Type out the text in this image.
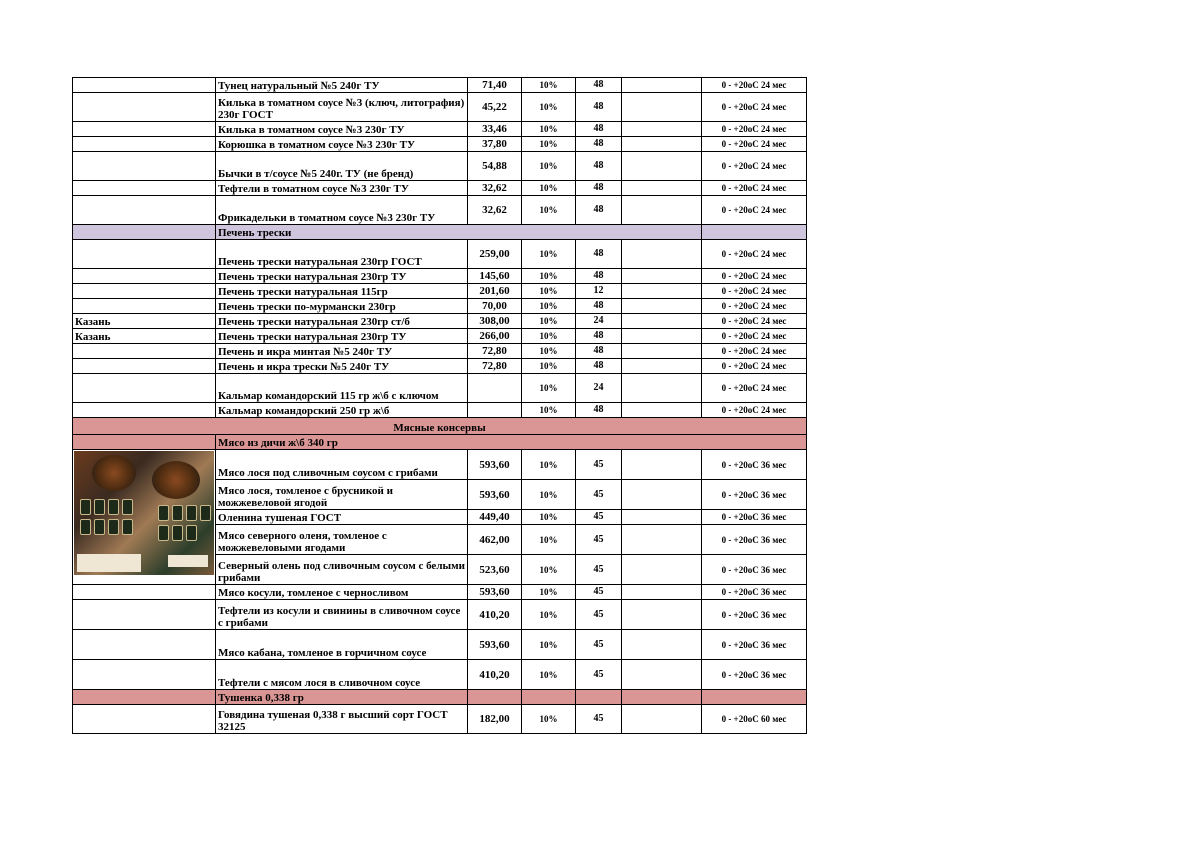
	Тунец натуральный №5 240г ТУ	71,40	10%	48		0 - +20оС 24 мес
	Килька в томатном соусе №3 (ключ, литография) 230г ГОСТ	45,22	10%	48		0 - +20оС 24 мес
	Килька в томатном соусе №3 230г ТУ	33,46	10%	48		0 - +20оС 24 мес
	Корюшка в томатном соусе №3 230г ТУ	37,80	10%	48		0 - +20оС 24 мес
	Бычки в т/соусе №5 240г. ТУ (не бренд)	54,88	10%	48		0 - +20оС 24 мес
	Тефтели в томатном соусе №3 230г ТУ	32,62	10%	48		0 - +20оС 24 мес
	Фрикадельки в томатном соусе №3 230г ТУ	32,62	10%	48		0 - +20оС 24 мес
	Печень трески					
	Печень трески натуральная 230гр ГОСТ	259,00	10%	48		0 - +20оС 24 мес
	Печень трески натуральная 230гр ТУ	145,60	10%	48		0 - +20оС 24 мес
	Печень трески натуральная 115гр	201,60	10%	12		0 - +20оС 24 мес
	Печень трески по-мурмански 230гр	70,00	10%	48		0 - +20оС 24 мес
Казань	Печень трески натуральная 230гр ст/б	308,00	10%	24		0 - +20оС 24 мес
Казань	Печень трески натуральная 230гр ТУ	266,00	10%	48		0 - +20оС 24 мес
	Печень и икра минтая №5 240г ТУ	72,80	10%	48		0 - +20оС 24 мес
	Печень и икра трески №5 240г ТУ	72,80	10%	48		0 - +20оС 24 мес
	Кальмар командорский 115 гр ж\б с ключом		10%	24		0 - +20оС 24 мес
	Кальмар командорский 250 гр ж\б		10%	48		0 - +20оС 24 мес
Мясные консервы						
	Мясо из дичи ж\б 340 гр					

	Мясо лося под сливочным соусом с грибами	593,60	10%	45		0 - +20оС 36 мес
	Мясо лося, томленое с брусникой и можжевеловой ягодой	593,60	10%	45		0 - +20оС 36 мес
	Оленина тушеная ГОСТ	449,40	10%	45		0 - +20оС 36 мес
	Мясо северного оленя, томленое с можжевеловыми ягодами	462,00	10%	45		0 - +20оС 36 мес
	Северный олень под сливочным соусом с белыми грибами	523,60	10%	45		0 - +20оС 36 мес
	Мясо косули, томленое с черносливом	593,60	10%	45		0 - +20оС 36 мес
	Тефтели из косули и свинины в сливочном соусе с грибами	410,20	10%	45		0 - +20оС 36 мес
	Мясо кабана, томленое в горчичном соусе	593,60	10%	45		0 - +20оС 36 мес
	Тефтели с мясом лося в сливочном соусе	410,20	10%	45		0 - +20оС 36 мес
	Тушенка 0,338 гр					
	Говядина тушеная 0,338 г высший сорт ГОСТ 32125	182,00	10%	45		0 - +20оС 60 мес
